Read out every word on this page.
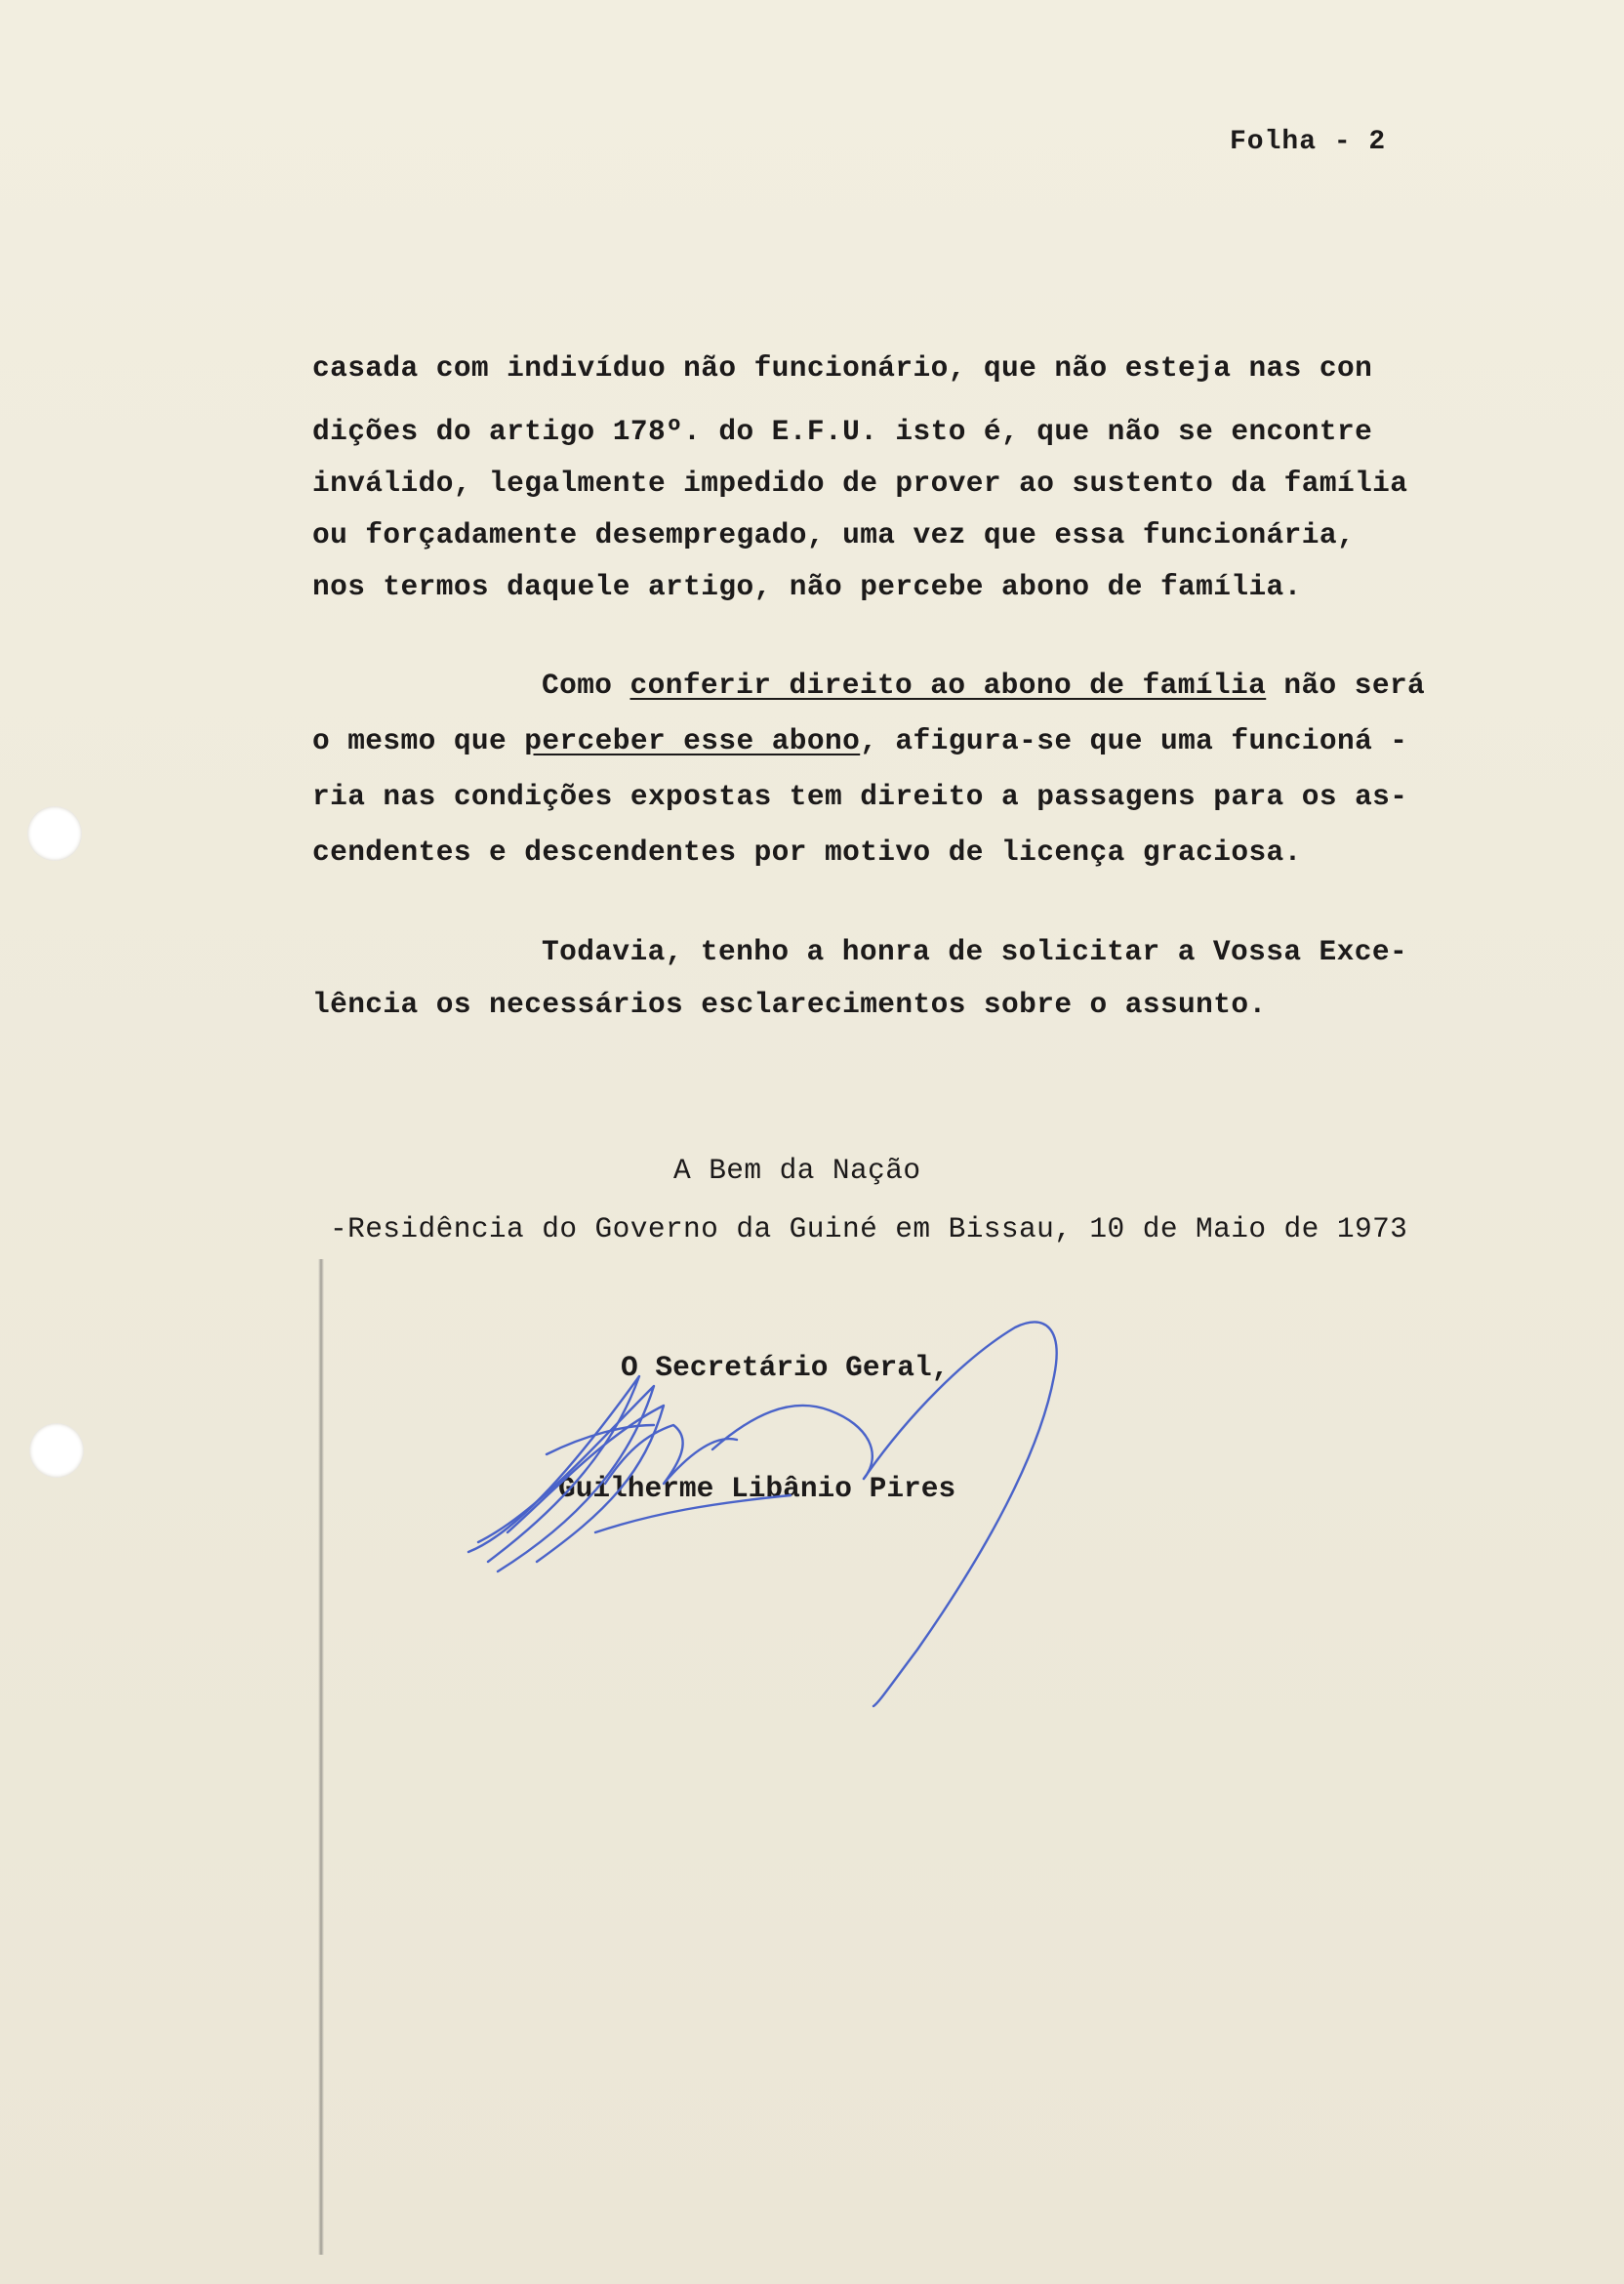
Folha - 2
casada com indivíduo não funcionário, que não esteja nas con
dições do artigo 178º. do E.F.U. isto é, que não se encontre
inválido, legalmente impedido de prover ao sustento da família
ou forçadamente desempregado, uma vez que essa funcionária,
nos termos daquele artigo, não percebe abono de família.
Como conferir direito ao abono de família não será
o mesmo que perceber esse abono, afigura-se que uma funcioná -
ria nas condições expostas tem direito a passagens para os as-
cendentes e descendentes por motivo de licença graciosa.
Todavia, tenho a honra de solicitar a Vossa Exce-
lência os necessários esclarecimentos sobre o assunto.
A Bem da Nação
-Residência do Governo da Guiné em Bissau, 10 de Maio de 1973
O Secretário Geral,
Guilherme Libânio Pires
